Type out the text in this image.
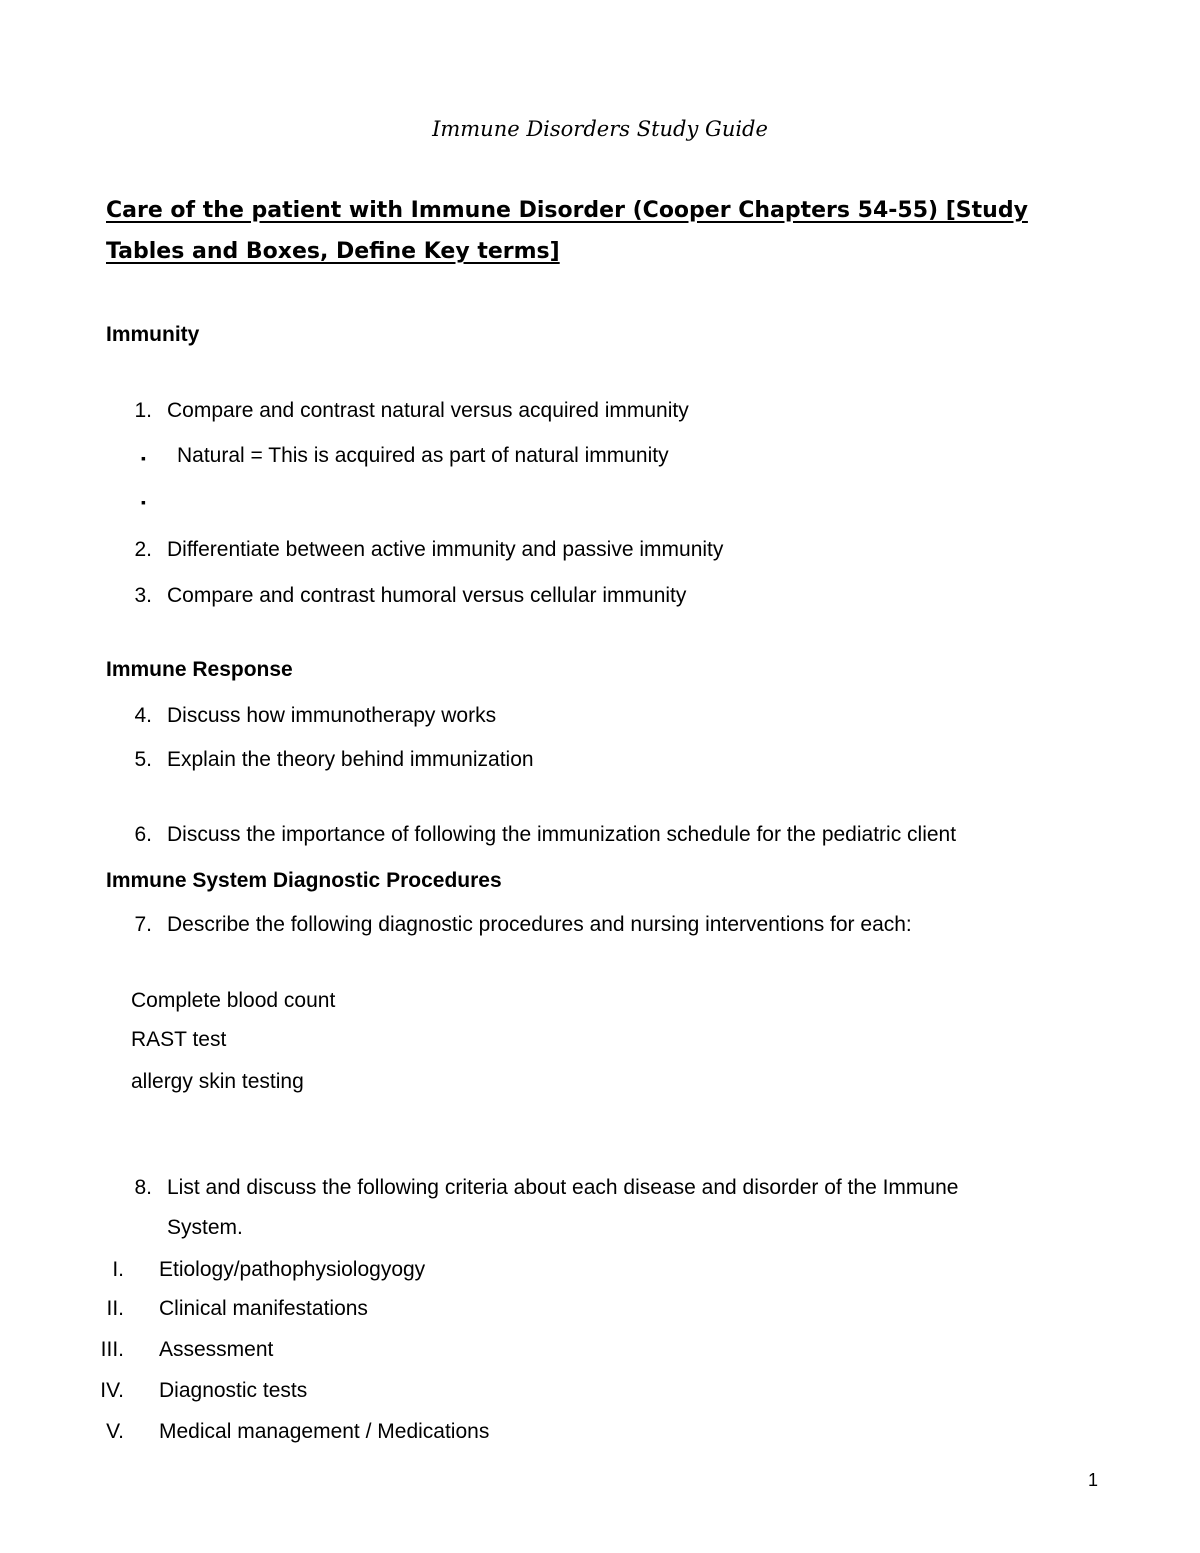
Immune Disorders Study Guide
Care of the patient with Immune Disorder (Cooper Chapters 54-55) [Study
Tables and Boxes, Define Key terms]
Immunity
1. Compare and contrast natural versus acquired immunity
▪ Natural = This is acquired as part of natural immunity
▪
2. Differentiate between active immunity and passive immunity
3. Compare and contrast humoral versus cellular immunity
Immune Response
4. Discuss how immunotherapy works
5. Explain the theory behind immunization
6. Discuss the importance of following the immunization schedule for the pediatric client
Immune System Diagnostic Procedures
7. Describe the following diagnostic procedures and nursing interventions for each:
Complete blood count
RAST test
allergy skin testing
8. List and discuss the following criteria about each disease and disorder of the Immune
System.
I. Etiology/pathophysiologyogy
II. Clinical manifestations
III. Assessment
IV. Diagnostic tests
V. Medical management / Medications
1
